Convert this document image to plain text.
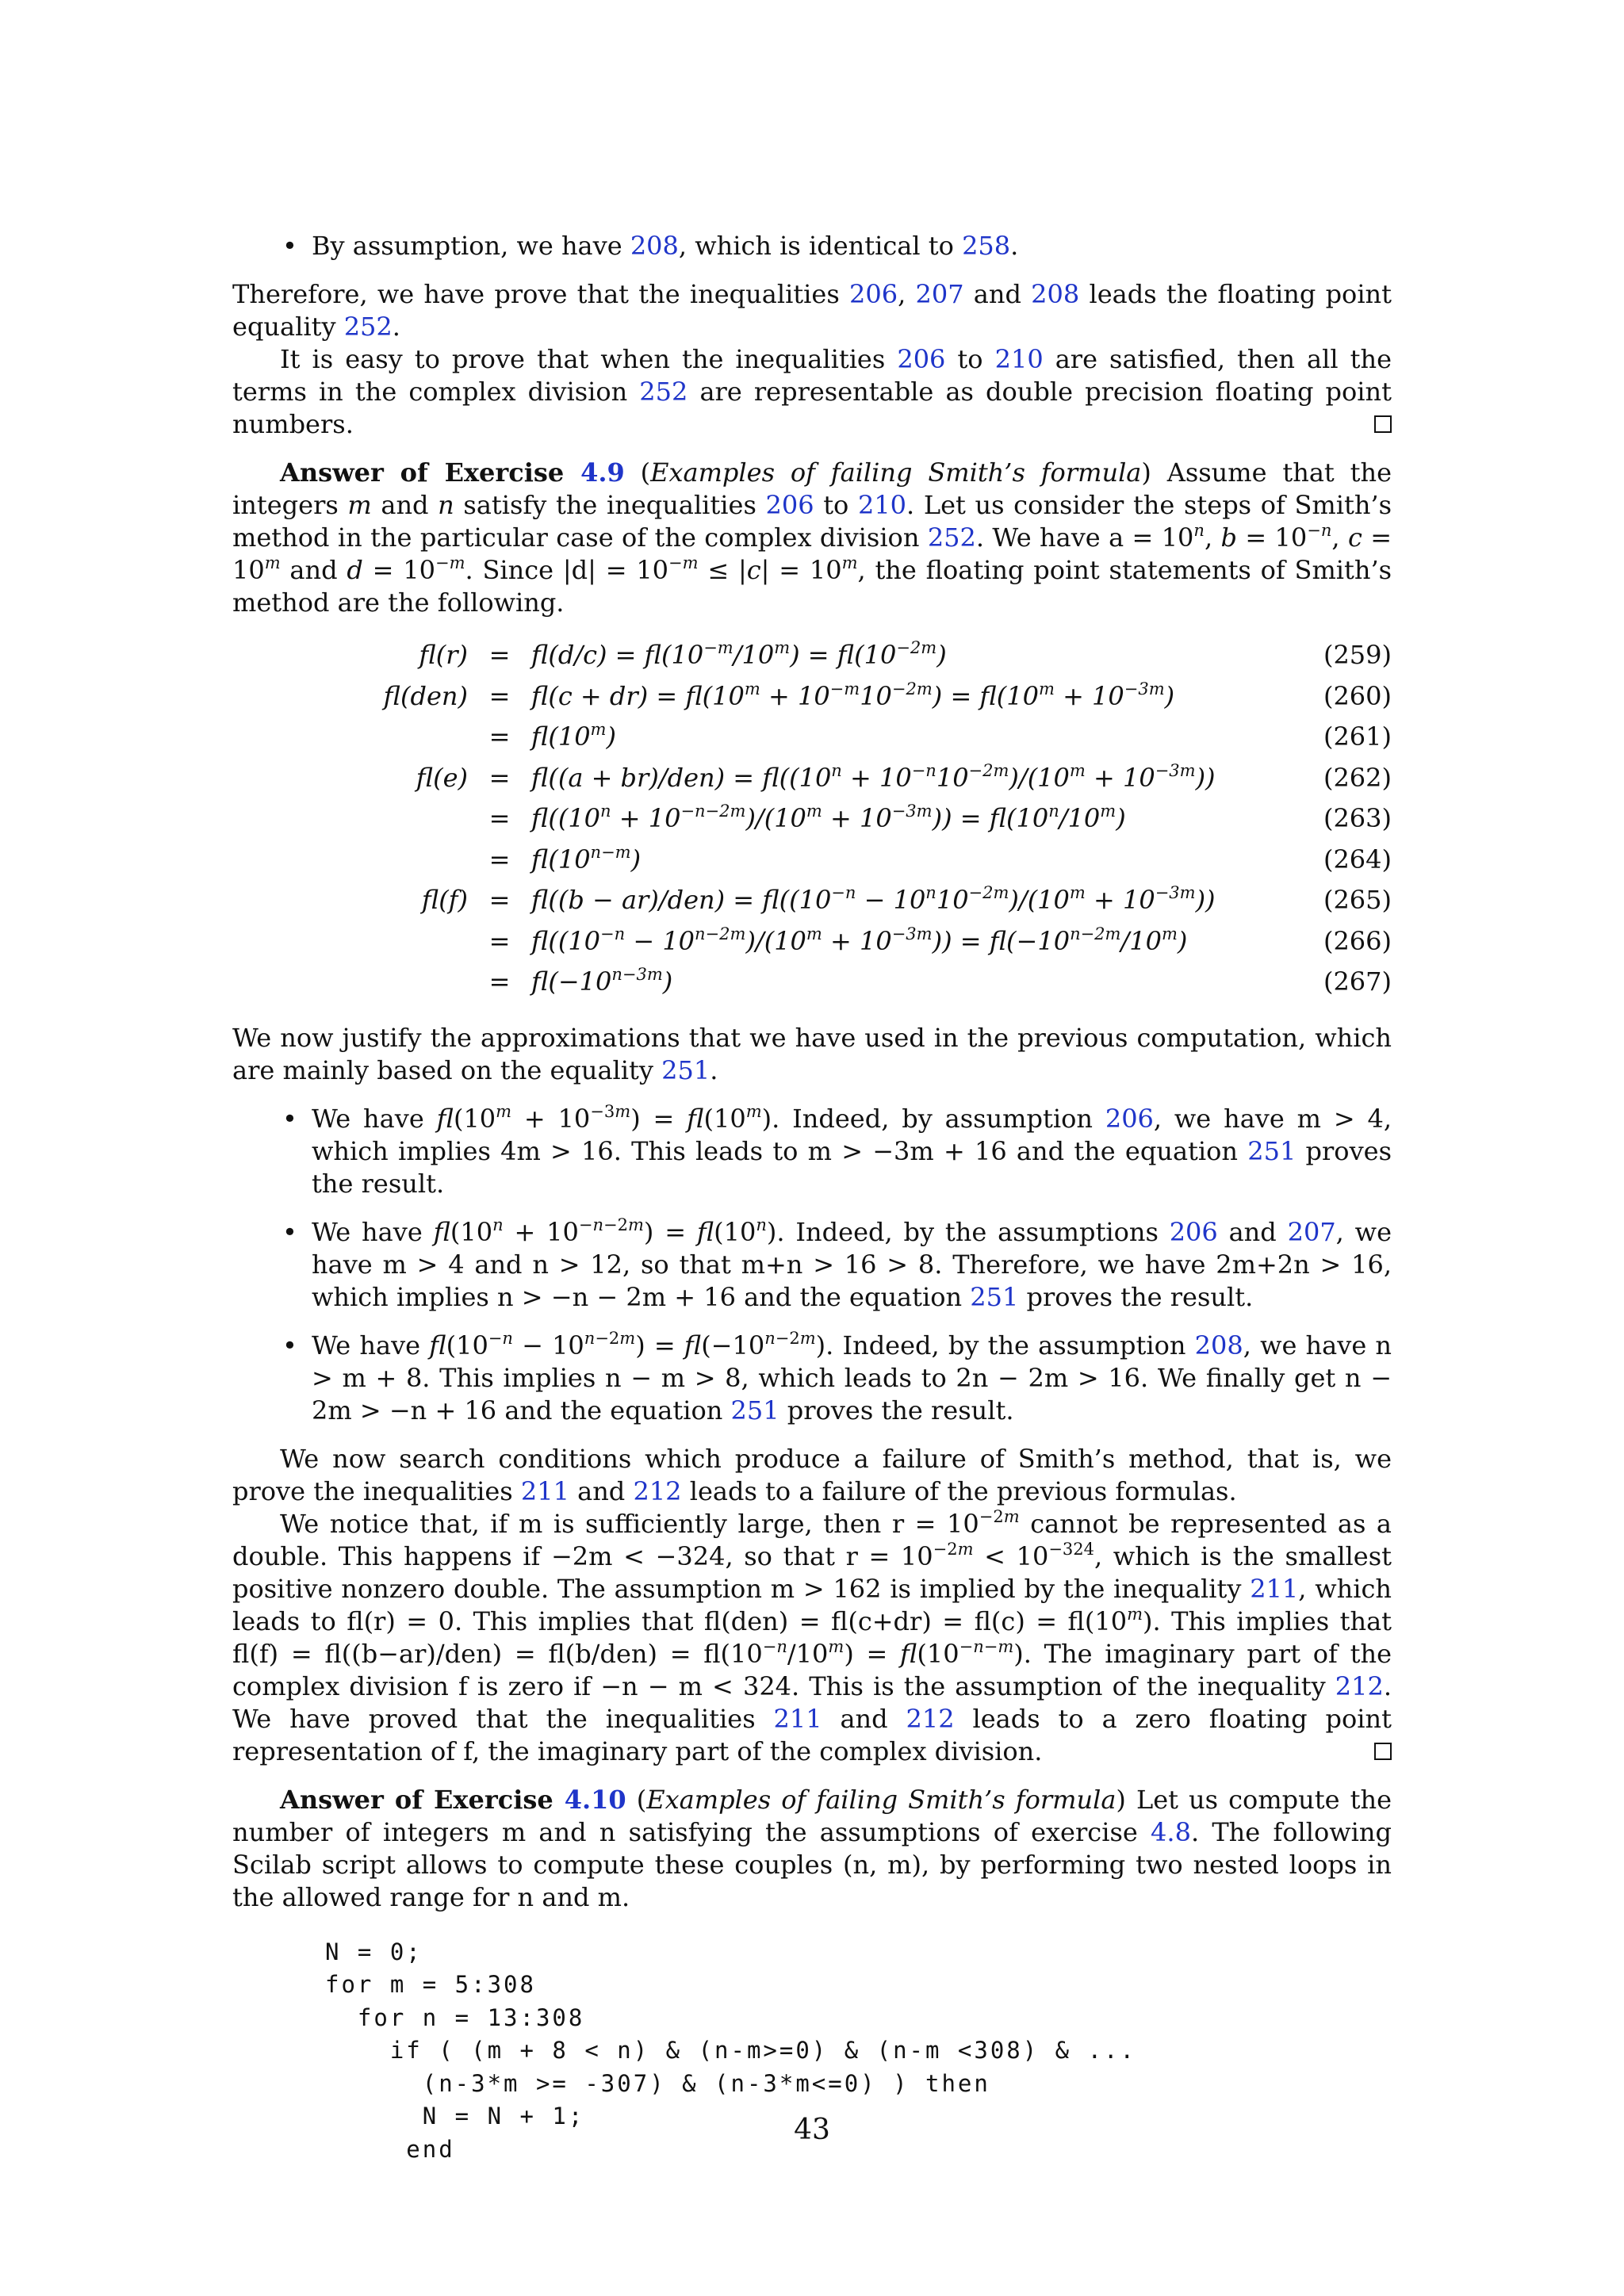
• By assumption, we have 208, which is identical to 258.

Therefore, we have prove that the inequalities 206, 207 and 208 leads the floating point equality 252.

It is easy to prove that when the inequalities 206 to 210 are satisfied, then all the terms in the complex division 252 are representable as double precision floating point numbers.

Answer of Exercise 4.9 (Examples of failing Smith’s formula) Assume that the integers m and n satisfy the inequalities 206 to 210. Let us consider the steps of Smith’s method in the particular case of the complex division 252. We have $a = 10^n$, $b = 10^{-n}$, $c = 10^m$ and $d = 10^{-m}$. Since $|d| = 10^{-m} \le |c| = 10^m$, the floating point statements of Smith’s method are the following.

$fl(r) = fl(d/c) = fl(10^{-m}/10^m) = fl(10^{-2m})$	(259)
$fl(den) = fl(c + dr) = fl(10^m + 10^{-m}10^{-2m}) = fl(10^m + 10^{-3m})$	(260)
= $fl(10^m)$	(261)
$fl(e) = fl((a + br)/den) = fl((10^n + 10^{-n}10^{-2m})/(10^m + 10^{-3m}))$	(262)
= $fl((10^n + 10^{-n-2m})/(10^m + 10^{-3m})) = fl(10^n/10^m)$	(263)
= $fl(10^{n-m})$	(264)
$fl(f) = fl((b - ar)/den) = fl((10^{-n} - 10^n10^{-2m})/(10^m + 10^{-3m}))$	(265)
= $fl((10^{-n} - 10^{n-2m})/(10^m + 10^{-3m})) = fl(-10^{n-2m}/10^m)$	(266)
= $fl(-10^{n-3m})$	(267)

We now justify the approximations that we have used in the previous computation, which are mainly based on the equality 251.

• We have $fl(10^m + 10^{-3m}) = fl(10^m)$. Indeed, by assumption 206, we have m > 4, which implies 4m > 16. This leads to m > −3m + 16 and the equation 251 proves the result.
• We have $fl(10^n + 10^{-n-2m}) = fl(10^n)$. Indeed, by the assumptions 206 and 207, we have m > 4 and n > 12, so that m+n > 16 > 8. Therefore, we have 2m+2n > 16, which implies n > −n − 2m + 16 and the equation 251 proves the result.
• We have $fl(10^{-n} - 10^{n-2m}) = fl(-10^{n-2m})$. Indeed, by the assumption 208, we have n > m + 8. This implies n − m > 8, which leads to 2n − 2m > 16. We finally get n − 2m > −n + 16 and the equation 251 proves the result.

We now search conditions which produce a failure of Smith’s method, that is, we prove the inequalities 211 and 212 leads to a failure of the previous formulas.

We notice that, if m is sufficiently large, then $r = 10^{-2m}$ cannot be represented as a double. This happens if −2m < −324, so that $r = 10^{-2m} < 10^{-324}$, which is the smallest positive nonzero double. The assumption m > 162 is implied by the inequality 211, which leads to fl(r) = 0. This implies that $fl(den) = fl(c+dr) = fl(c) = fl(10^m)$. This implies that $fl(f) = fl((b-ar)/den) = fl(b/den) = fl(10^{-n}/10^m) = fl(10^{-n-m})$. The imaginary part of the complex division f is zero if −n − m < 324. This is the assumption of the inequality 212. We have proved that the inequalities 211 and 212 leads to a zero floating point representation of f, the imaginary part of the complex division.

Answer of Exercise 4.10 (Examples of failing Smith’s formula) Let us compute the number of integers m and n satisfying the assumptions of exercise 4.8. The following Scilab script allows to compute these couples (n, m), by performing two nested loops in the allowed range for n and m.

N = 0;
for m = 5:308
for n = 13:308
if ( (m + 8 < n) & (n-m>=0) & (n-m <308) & ...
(n-3*m >= -307) & (n-3*m<=0) ) then
N = N + 1;
end
43
